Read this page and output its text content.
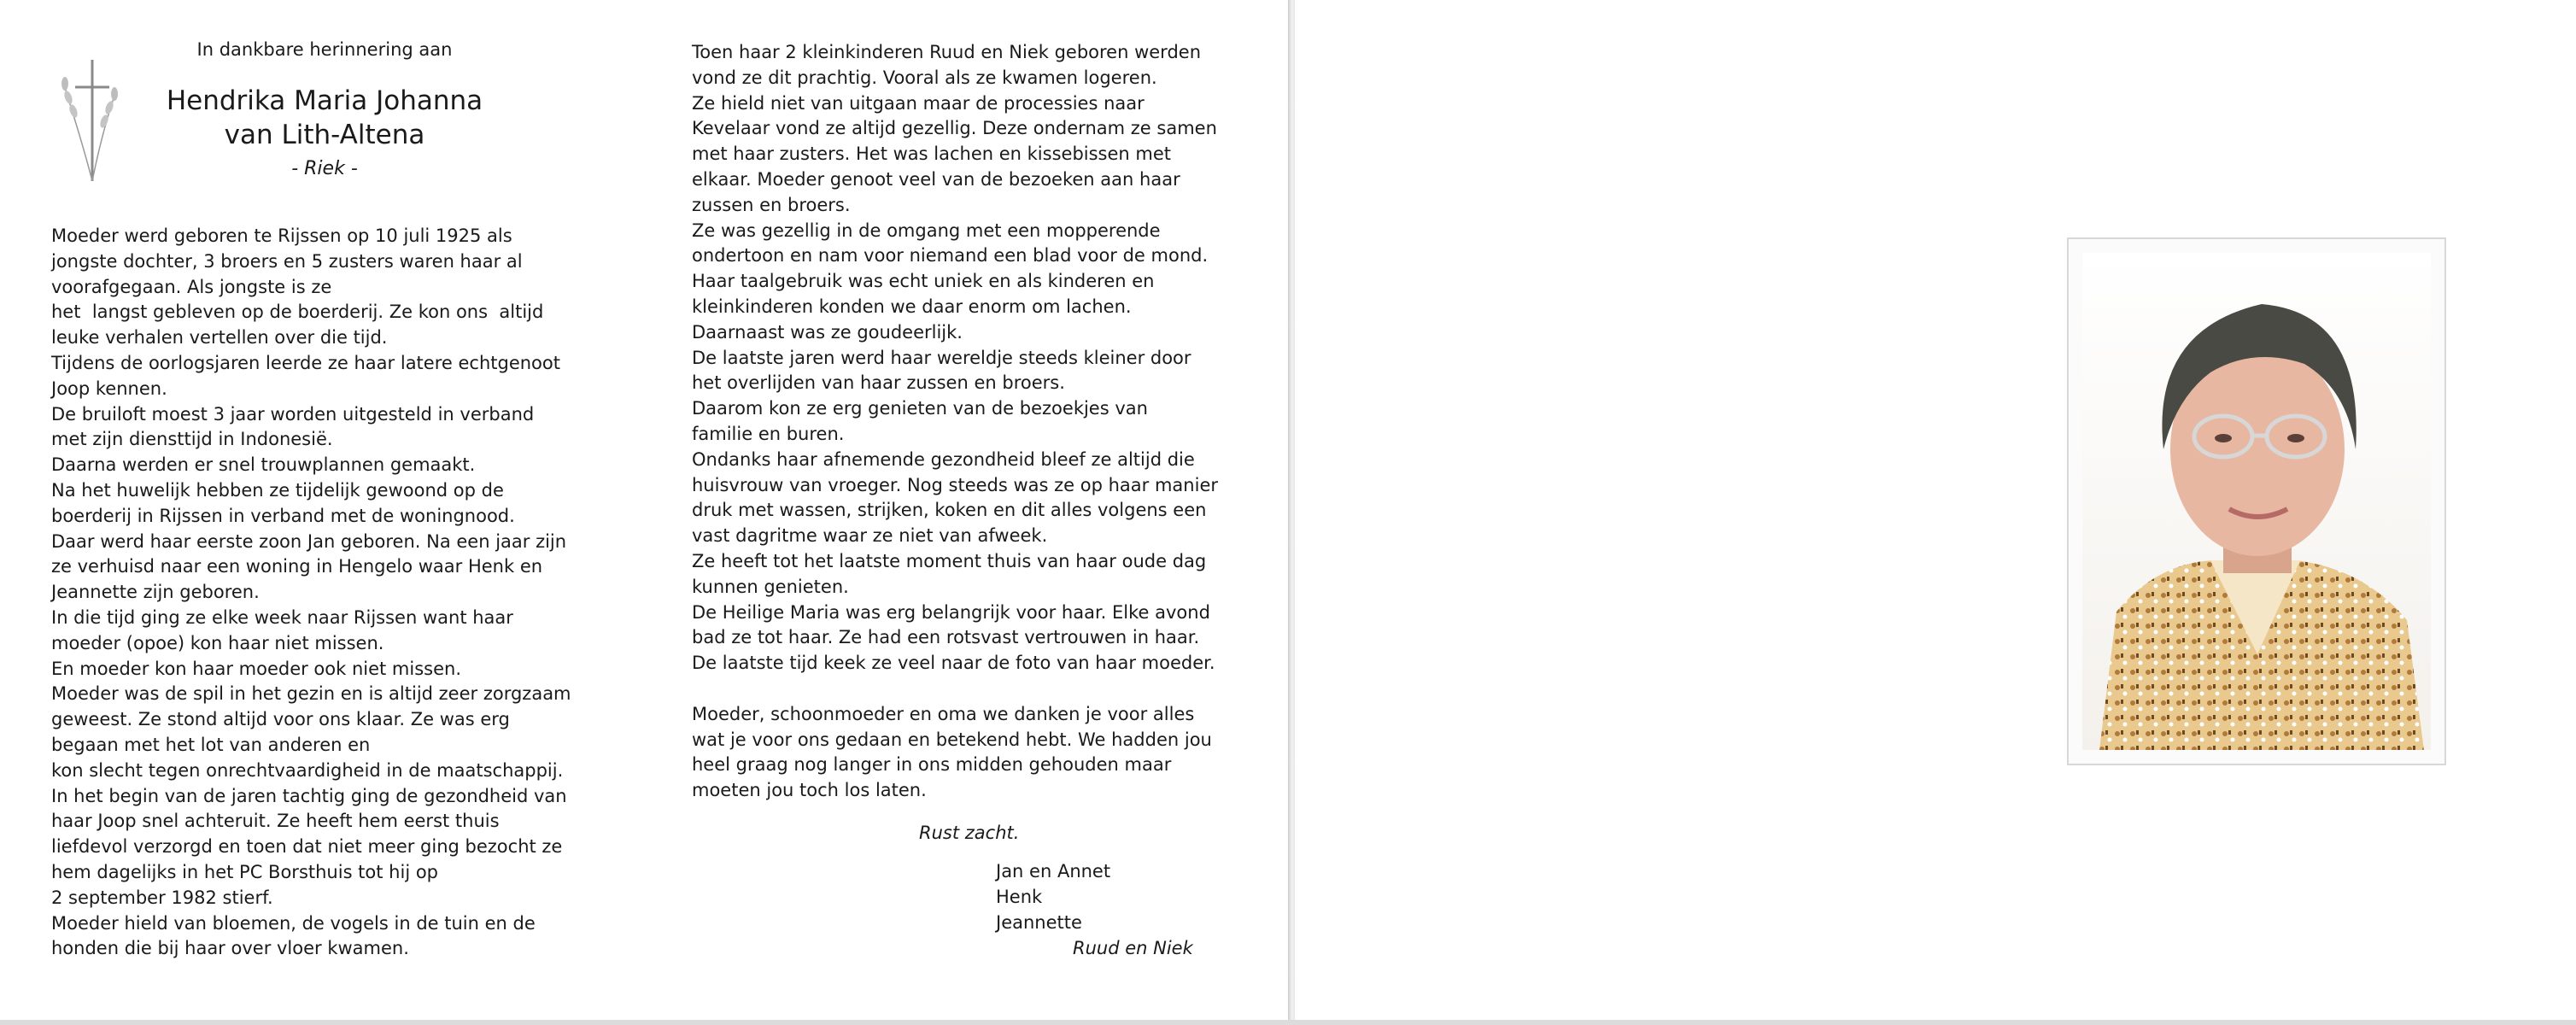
In dankbare herinnering aan
Hendrika Maria Johanna
van Lith-Altena
- Riek -
Moeder werd geboren te Rijssen op 10 juli 1925 als
jongste dochter, 3 broers en 5 zusters waren haar al
voorafgegaan. Als jongste is ze
het  langst gebleven op de boerderij. Ze kon ons  altijd
leuke verhalen vertellen over die tijd.
Tijdens de oorlogsjaren leerde ze haar latere echtgenoot
Joop kennen.
De bruiloft moest 3 jaar worden uitgesteld in verband
met zijn diensttijd in Indonesië.
Daarna werden er snel trouwplannen gemaakt.
Na het huwelijk hebben ze tijdelijk gewoond op de
boerderij in Rijssen in verband met de woningnood.
Daar werd haar eerste zoon Jan geboren. Na een jaar zijn
ze verhuisd naar een woning in Hengelo waar Henk en
Jeannette zijn geboren.
In die tijd ging ze elke week naar Rijssen want haar
moeder (opoe) kon haar niet missen.
En moeder kon haar moeder ook niet missen.
Moeder was de spil in het gezin en is altijd zeer zorgzaam
geweest. Ze stond altijd voor ons klaar. Ze was erg
begaan met het lot van anderen en
kon slecht tegen onrechtvaardigheid in de maatschappij.
In het begin van de jaren tachtig ging de gezondheid van
haar Joop snel achteruit. Ze heeft hem eerst thuis
liefdevol verzorgd en toen dat niet meer ging bezocht ze
hem dagelijks in het PC Borsthuis tot hij op
2 september 1982 stierf.
Moeder hield van bloemen, de vogels in de tuin en de
honden die bij haar over vloer kwamen.
Toen haar 2 kleinkinderen Ruud en Niek geboren werden
vond ze dit prachtig. Vooral als ze kwamen logeren.
Ze hield niet van uitgaan maar de processies naar
Kevelaar vond ze altijd gezellig. Deze ondernam ze samen
met haar zusters. Het was lachen en kissebissen met
elkaar. Moeder genoot veel van de bezoeken aan haar
zussen en broers.
Ze was gezellig in de omgang met een mopperende
ondertoon en nam voor niemand een blad voor de mond.
Haar taalgebruik was echt uniek en als kinderen en
kleinkinderen konden we daar enorm om lachen.
Daarnaast was ze goudeerlijk.
De laatste jaren werd haar wereldje steeds kleiner door
het overlijden van haar zussen en broers.
Daarom kon ze erg genieten van de bezoekjes van
familie en buren.
Ondanks haar afnemende gezondheid bleef ze altijd die
huisvrouw van vroeger. Nog steeds was ze op haar manier
druk met wassen, strijken, koken en dit alles volgens een
vast dagritme waar ze niet van afweek.
Ze heeft tot het laatste moment thuis van haar oude dag
kunnen genieten.
De Heilige Maria was erg belangrijk voor haar. Elke avond
bad ze tot haar. Ze had een rotsvast vertrouwen in haar.
De laatste tijd keek ze veel naar de foto van haar moeder.
Moeder, schoonmoeder en oma we danken je voor alles
wat je voor ons gedaan en betekend hebt. We hadden jou
heel graag nog langer in ons midden gehouden maar
moeten jou toch los laten.
Rust zacht.
Jan en Annet
Henk
Jeannette
Ruud en Niek
